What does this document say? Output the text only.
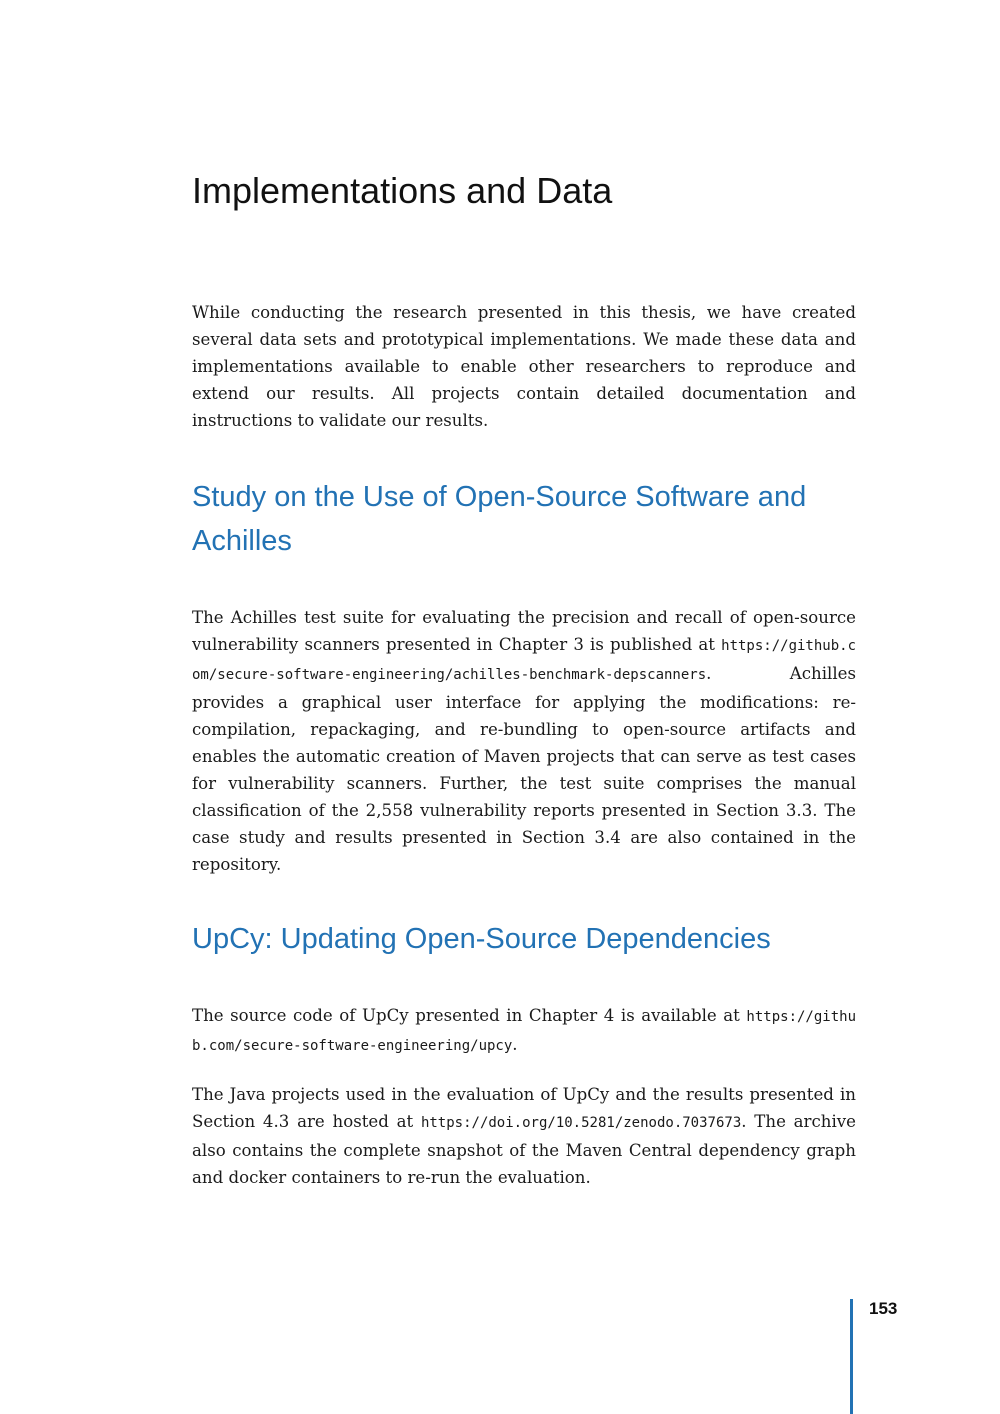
Implementations and Data

While conducting the research presented in this thesis, we have created several data sets and prototypical implementations. We made these data and implementations available to enable other researchers to reproduce and extend our results. All projects contain detailed documentation and instructions to validate our results.

Study on the Use of Open-Source Software and Achilles

The Achilles test suite for evaluating the precision and recall of open-source vulnerability scanners presented in Chapter 3 is published at https://github.com/secure-software-engineering/achilles-benchmark-depscanners. Achilles provides a graphical user interface for applying the modifications: re-compilation, repackaging, and re-bundling to open-source artifacts and enables the automatic creation of Maven projects that can serve as test cases for vulnerability scanners. Further, the test suite comprises the manual classification of the 2,558 vulnerability reports presented in Section 3.3. The case study and results presented in Section 3.4 are also contained in the repository.

UpCy: Updating Open-Source Dependencies

The source code of UpCy presented in Chapter 4 is available at https://github.com/secure-software-engineering/upcy.

The Java projects used in the evaluation of UpCy and the results presented in Section 4.3 are hosted at https://doi.org/10.5281/zenodo.7037673. The archive also contains the complete snapshot of the Maven Central dependency graph and docker containers to re-run the evaluation.

153
